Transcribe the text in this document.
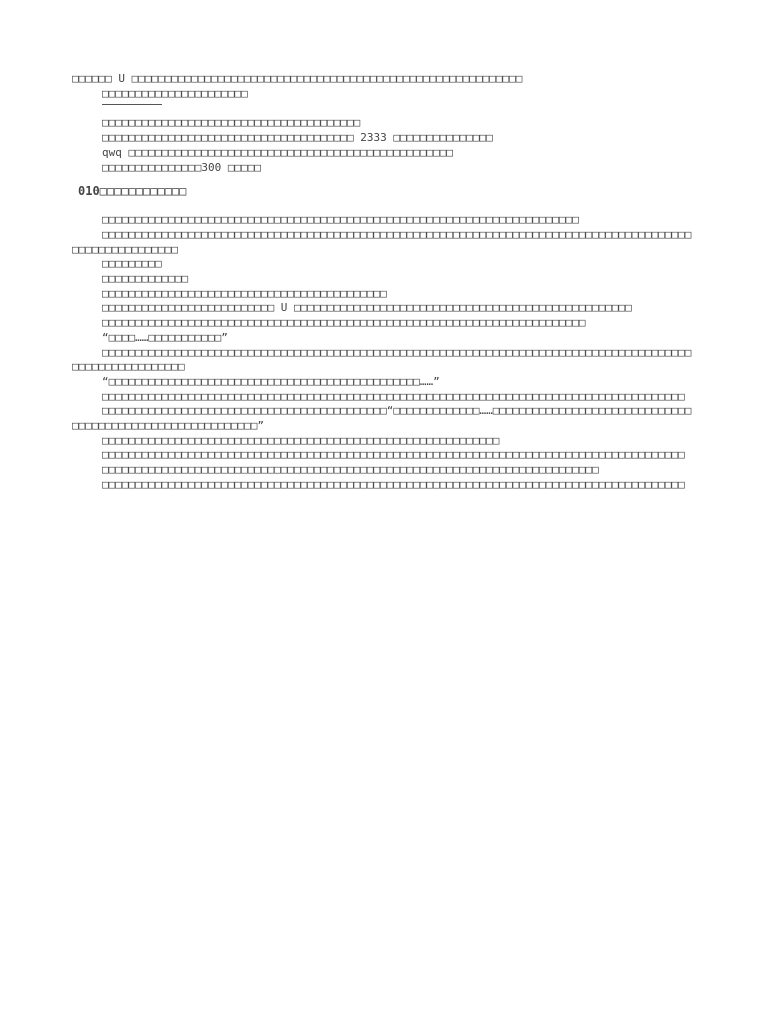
□□□□□□ U □□□□□□□□□□□□□□□□□□□□□□□□□□□□□□□□□□□□□□□□□□□□□□□□□□□□□□□□□□□

□□□□□□□□□□□□□□□□□□□□□□

□□□□□□□□□□□□□□□□□□□□□□□□□□□□□□□□□□□□□□□

□□□□□□□□□□□□□□□□□□□□□□□□□□□□□□□□□□□□□□ 2333 □□□□□□□□□□□□□□□

qwq □□□□□□□□□□□□□□□□□□□□□□□□□□□□□□□□□□□□□□□□□□□□□□□□□

□□□□□□□□□□□□□□□300 □□□□□

010□□□□□□□□□□□□

□□□□□□□□□□□□□□□□□□□□□□□□□□□□□□□□□□□□□□□□□□□□□□□□□□□□□□□□□□□□□□□□□□□□□□□□

□□□□□□□□□□□□□□□□□□□□□□□□□□□□□□□□□□□□□□□□□□□□□□□□□□□□□□□□□□□□□□□□□□□□□□□□□□□□□□□□□□□□□□□□□□□□□□□□□□□□□□□□□

□□□□□□□□□

□□□□□□□□□□□□□

□□□□□□□□□□□□□□□□□□□□□□□□□□□□□□□□□□□□□□□□□□□

□□□□□□□□□□□□□□□□□□□□□□□□□□ U □□□□□□□□□□□□□□□□□□□□□□□□□□□□□□□□□□□□□□□□□□□□□□□□□□□

□□□□□□□□□□□□□□□□□□□□□□□□□□□□□□□□□□□□□□□□□□□□□□□□□□□□□□□□□□□□□□□□□□□□□□□□□

“□□□□……□□□□□□□□□□□”

□□□□□□□□□□□□□□□□□□□□□□□□□□□□□□□□□□□□□□□□□□□□□□□□□□□□□□□□□□□□□□□□□□□□□□□□□□□□□□□□□□□□□□□□□□□□□□□□□□□□□□□□□□

“□□□□□□□□□□□□□□□□□□□□□□□□□□□□□□□□□□□□□□□□□□□□□□□……”

□□□□□□□□□□□□□□□□□□□□□□□□□□□□□□□□□□□□□□□□□□□□□□□□□□□□□□□□□□□□□□□□□□□□□□□□□□□□□□□□□□□□□□□□

□□□□□□□□□□□□□□□□□□□□□□□□□□□□□□□□□□□□□□□□□□□“□□□□□□□□□□□□□……□□□□□□□□□□□□□□□□□□□□□□□□□□□□□□□□□□□□□□□□□□□□□□□□□□□□□□□□□□”

□□□□□□□□□□□□□□□□□□□□□□□□□□□□□□□□□□□□□□□□□□□□□□□□□□□□□□□□□□□□

□□□□□□□□□□□□□□□□□□□□□□□□□□□□□□□□□□□□□□□□□□□□□□□□□□□□□□□□□□□□□□□□□□□□□□□□□□□□□□□□□□□□□□□□

□□□□□□□□□□□□□□□□□□□□□□□□□□□□□□□□□□□□□□□□□□□□□□□□□□□□□□□□□□□□□□□□□□□□□□□□□□□

□□□□□□□□□□□□□□□□□□□□□□□□□□□□□□□□□□□□□□□□□□□□□□□□□□□□□□□□□□□□□□□□□□□□□□□□□□□□□□□□□□□□□□□□
